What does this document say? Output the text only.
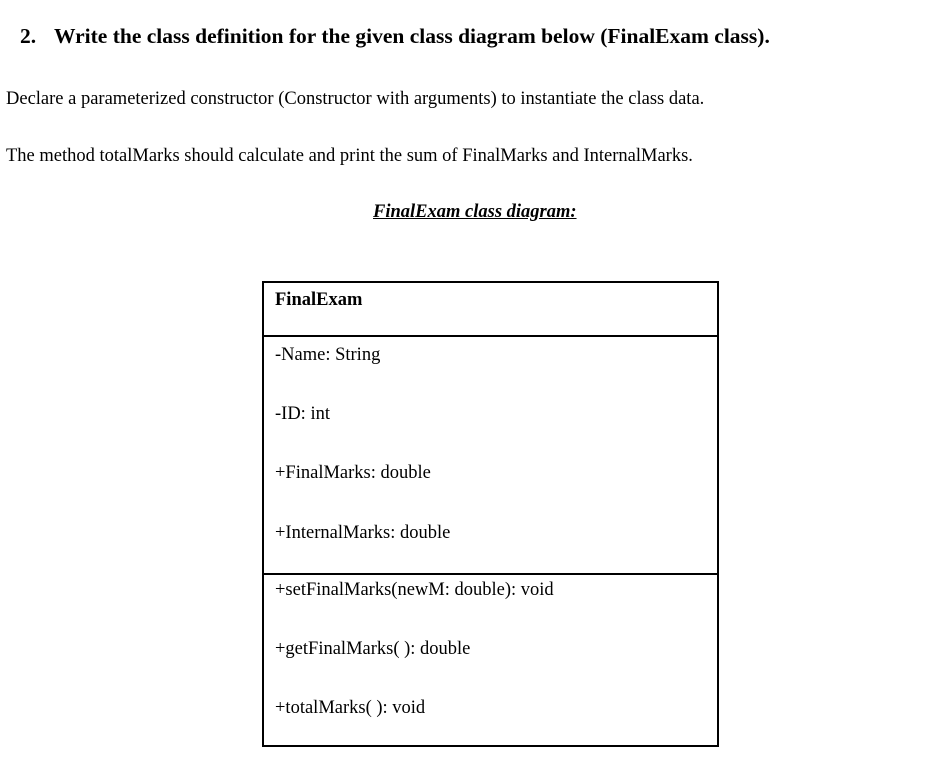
2. Write the class definition for the given class diagram below (FinalExam class).
Declare a parameterized constructor (Constructor with arguments) to instantiate the class data.
The method totalMarks should calculate and print the sum of FinalMarks and InternalMarks.
FinalExam class diagram:
FinalExam
-Name: String
-ID: int
+FinalMarks: double
+InternalMarks: double
+setFinalMarks(newM: double): void
+getFinalMarks( ): double
+totalMarks( ): void
